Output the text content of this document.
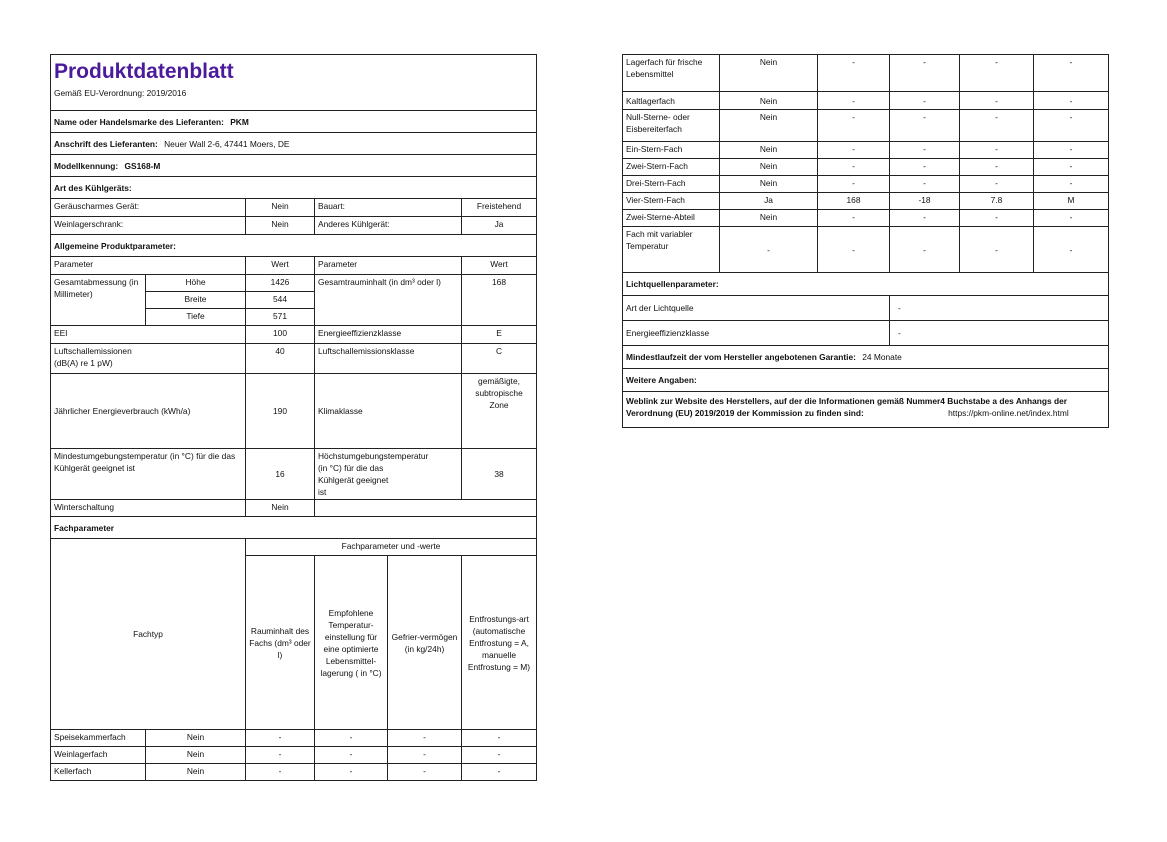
Produktdatenblatt
Gemäß EU-Verordnung: 2019/2016					

Name oder Handelsmarke des Lieferanten: PKM					
Anschrift des Lieferanten: Neuer Wall 2-6, 47441 Moers, DE					
Modellkennung: GS168-M					
Art des Kühlgeräts:					
Geräuscharmes Gerät:		Nein	Bauart:		Freistehend
Weinlagerschrank:		Nein	Anderes Kühlgerät:		Ja
Allgemeine Produktparameter:					
Parameter		Wert	Parameter		Wert
Gesamtabmessung (in Millimeter)	Höhe	1426	Gesamtrauminhalt (in dm³ oder l)		168
	Breite	544			
	Tiefe	571			
EEI		100	Energieeffizienzklasse		E
Luftschallemissionen (dB(A) re 1 pW)		40	Luftschallemissionsklasse		C
Jährlicher Energieverbrauch (kWh/a)		190	Klimaklasse		gemäßigte, subtropische Zone
Mindestumgebungstemperatur (in °C) für die das Kühlgerät geeignet ist		16	Höchstumgebungstemperatur (in °C) für die das Kühlgerät geeignet ist		38
Winterschaltung		Nein			
Fachparameter					
Fachtyp		Fachparameter und -werte			
		Rauminhalt des Fachs (dm³ oder l)	Empfohlene Temperatur-einstellung für eine optimierte Lebensmittel-lagerung ( in °C)	Gefrier-vermögen (in kg/24h)	Entfrostungs-art (automatische Entfrostung = A, manuelle Entfrostung = M)
Speisekammerfach	Nein	-	-	-	-
Weinlagerfach	Nein	-	-	-	-
Kellerfach	Nein	-	-	-	-
Lagerfach für frische Lebensmittel	Nein	-	-	-	-
Kaltlagerfach	Nein	-	-	-	-
Null-Sterne- oder Eisbereiterfach	Nein	-	-	-	-
Ein-Stern-Fach	Nein	-	-	-	-
Zwei-Stern-Fach	Nein	-	-	-	-
Drei-Stern-Fach	Nein	-	-	-	-
Vier-Stern-Fach	Ja	168	-18	7.8	M
Zwei-Sterne-Abteil	Nein	-	-	-	-
Fach mit variabler Temperatur	-	-	-	-	-
Lichtquellenparameter:					
Art der Lichtquelle			-		
Energieeffizienzklasse			-		
Mindestlaufzeit der vom Hersteller angebotenen Garantie: 24 Monate					
Weitere Angaben:					
Weblink zur Website des Herstellers, auf der die Informationen gemäß Nummer4 Buchstabe a des Anhangs der Verordnung (EU) 2019/2019 der Kommission zu finden sind: https://pkm-online.net/index.html					
